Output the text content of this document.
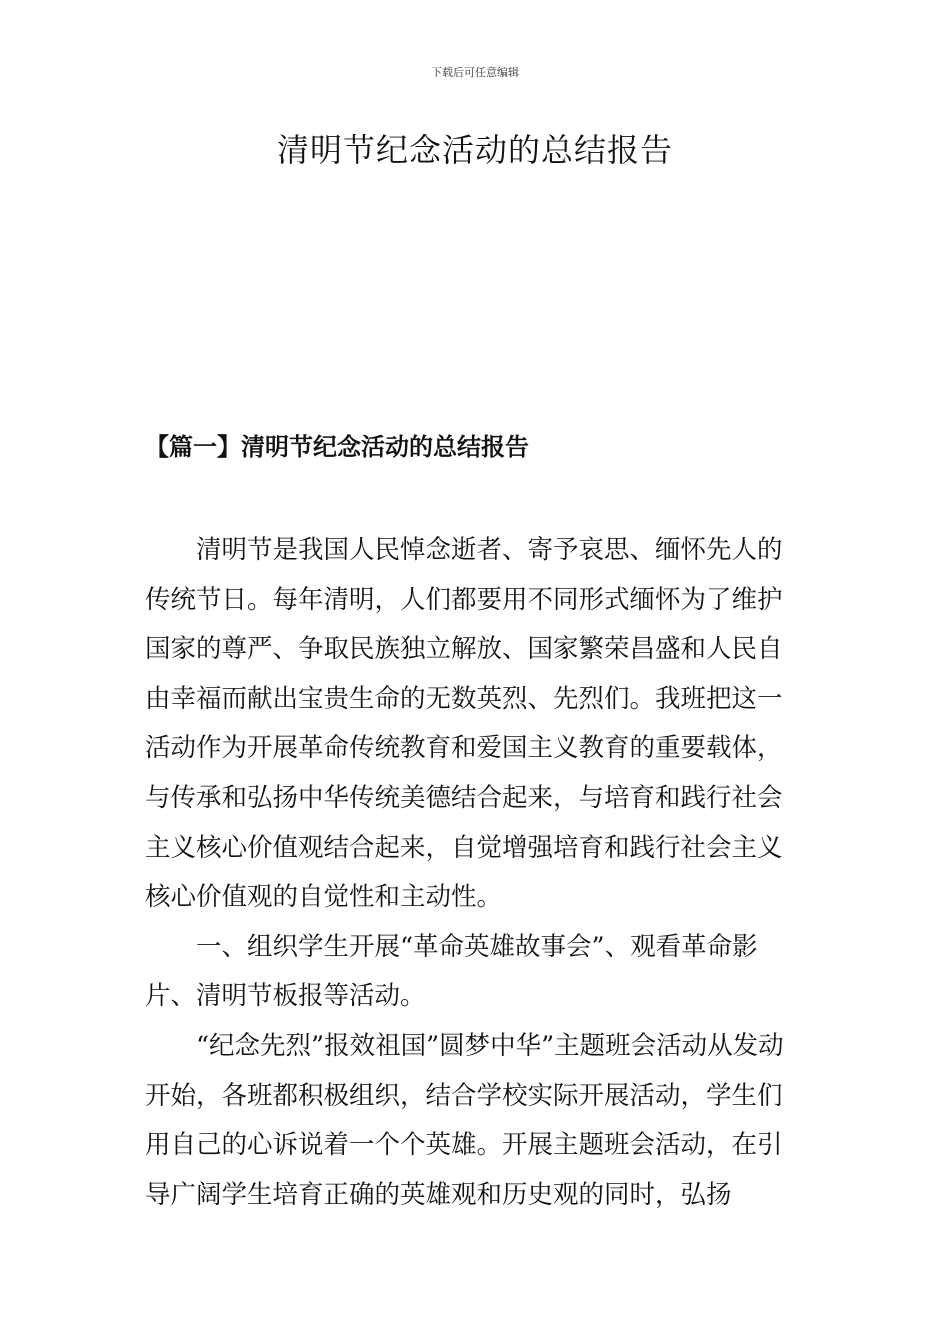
下载后可任意编辑

清明节纪念活动的总结报告
【篇一】清明节纪念活动的总结报告

清明节是我国人民悼念逝者、寄予哀思、缅怀先人的传统节日。每年清明，人们都要用不同形式缅怀为了维护国家的尊严、争取民族独立解放、国家繁荣昌盛和人民自由幸福而献出宝贵生命的无数英烈、先烈们。我班把这一活动作为开展革命传统教育和爱国主义教育的重要载体，与传承和弘扬中华传统美德结合起来，与培育和践行社会主义核心价值观结合起来，自觉增强培育和践行社会主义核心价值观的自觉性和主动性。

一、组织学生开展“革命英雄故事会”、观看革命影片、清明节板报等活动。

“纪念先烈”报效祖国”圆梦中华”主题班会活动从发动开始，各班都积极组织，结合学校实际开展活动，学生们用自己的心诉说着一个个英雄。开展主题班会活动，在引导广阔学生培育正确的英雄观和历史观的同时，弘扬
